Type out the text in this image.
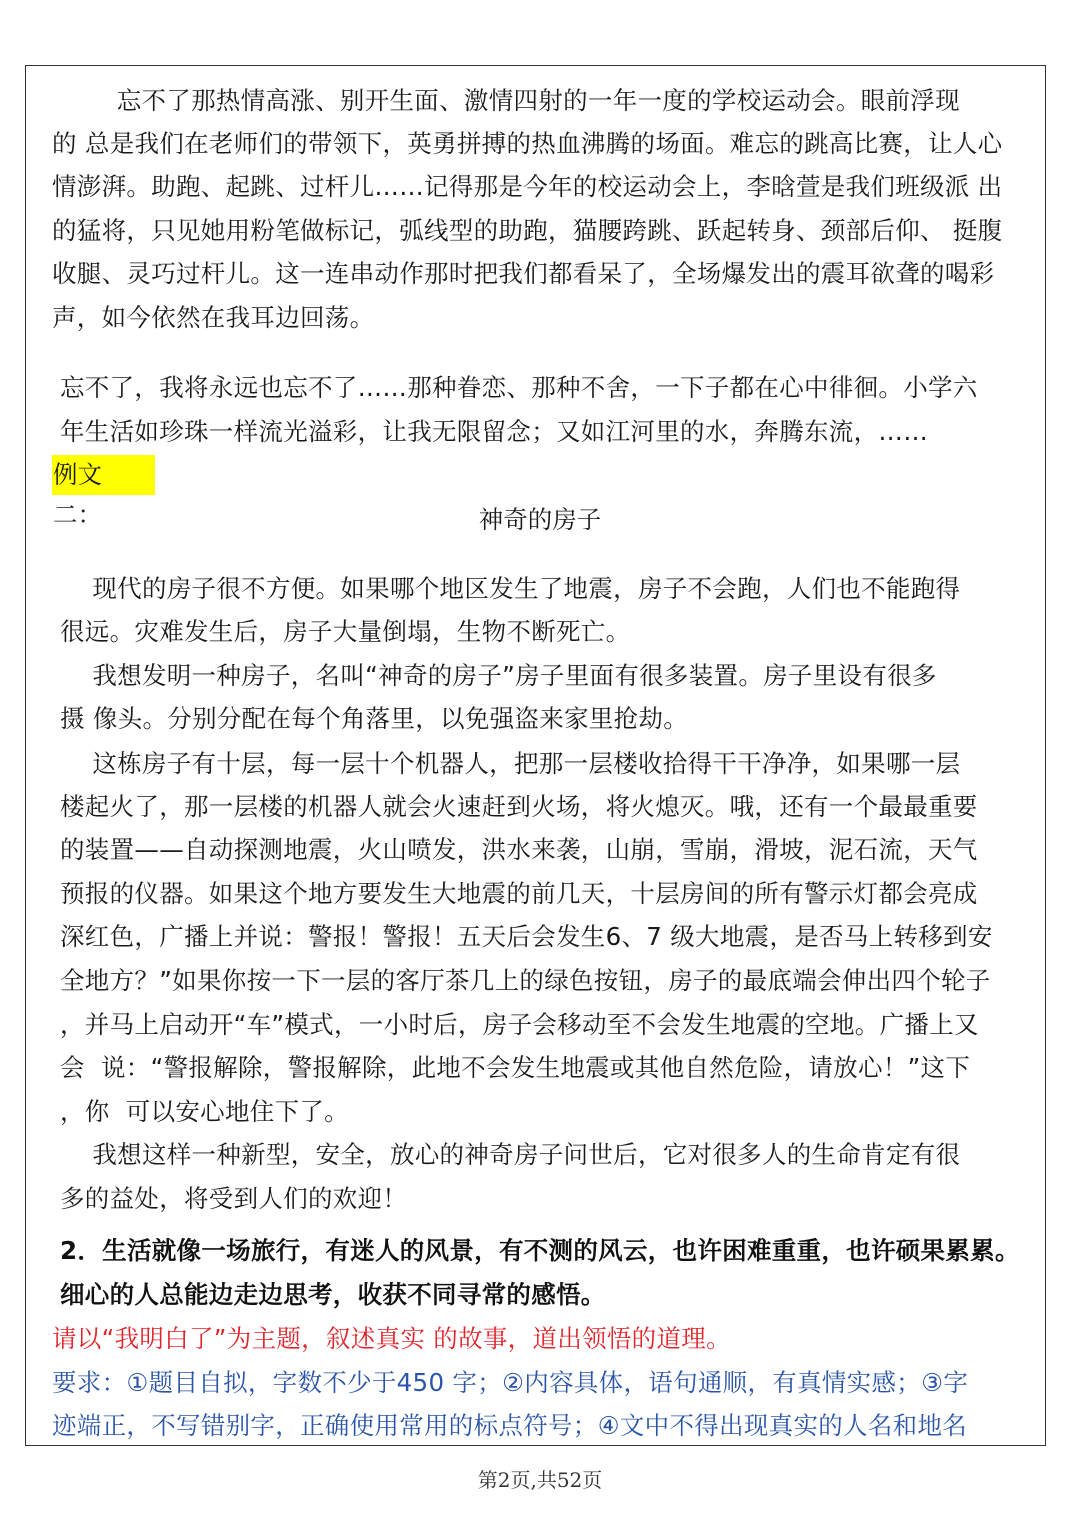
忘不了那热情高涨、别开生面、激情四射的一年一度的学校运动会。眼前浮现
的 总是我们在老师们的带领下，英勇拼搏的热血沸腾的场面。难忘的跳高比赛，让人心
情澎湃。助跑、起跳、过杆儿……记得那是今年的校运动会上，李晗萱是我们班级派 出
的猛将，只见她用粉笔做标记，弧线型的助跑，猫腰跨跳、跃起转身、颈部后仰、 挺腹
收腿、灵巧过杆儿。这一连串动作那时把我们都看呆了，全场爆发出的震耳欲聋的喝彩
声，如今依然在我耳边回荡。
忘不了，我将永远也忘不了……那种眷恋、那种不舍，一下子都在心中徘徊。小学六
年生活如珍珠一样流光溢彩，让我无限留念；又如江河里的水，奔腾东流，……
例文 二：	神奇的房子
现代的房子很不方便。如果哪个地区发生了地震，房子不会跑，人们也不能跑得
很远。灾难发生后，房子大量倒塌，生物不断死亡。
我想发明一种房子，名叫“神奇的房子”房子里面有很多装置。房子里设有很多
摄 像头。分别分配在每个角落里，以免强盗来家里抢劫。
这栋房子有十层，每一层十个机器人，把那一层楼收拾得干干净净，如果哪一层
楼起火了，那一层楼的机器人就会火速赶到火场，将火熄灭。哦，还有一个最最重要
的装置——自动探测地震，火山喷发，洪水来袭，山崩，雪崩，滑坡，泥石流，天气
预报的仪器。如果这个地方要发生大地震的前几天，十层房间的所有警示灯都会亮成
深红色，广播上并说：警报！警报！五天后会发生6、7 级大地震，是否马上转移到安
全地方？”如果你按一下一层的客厅茶几上的绿色按钮，房子的最底端会伸出四个轮子
，并马上启动开“车”模式，一小时后，房子会移动至不会发生地震的空地。广播上又
会  说：“警报解除，警报解除，此地不会发生地震或其他自然危险，请放心！”这下
，你  可以安心地住下了。
我想这样一种新型，安全，放心的神奇房子问世后，它对很多人的生命肯定有很
多的益处，将受到人们的欢迎！
2．生活就像一场旅行，有迷人的风景，有不测的风云，也许困难重重，也许硕果累累。
细心的人总能边走边思考，收获不同寻常的感悟。
请以“我明白了”为主题，叙述真实 的故事，道出领悟的道理。
要求：①题目自拟，字数不少于450 字；②内容具体，语句通顺，有真情实感；③字
迹端正，不写错别字，正确使用常用的标点符号；④文中不得出现真实的人名和地名
第2页,共52页
